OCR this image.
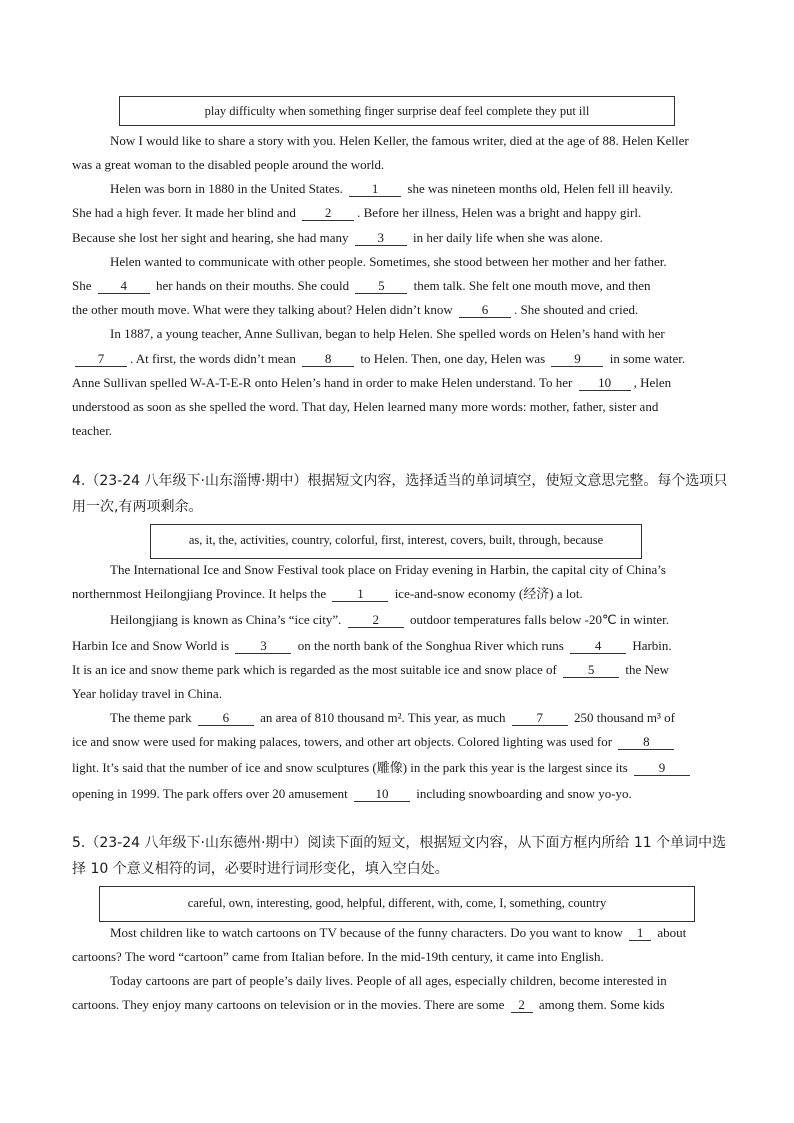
play difficulty when something finger surprise deaf feel complete they put ill
Now I would like to share a story with you. Helen Keller, the famous writer, died at the age of 88. Helen Keller
was a great woman to the disabled people around the world.
Helen was born in 1880 in the United States. 1 she was nineteen months old, Helen fell ill heavily.
She had a high fever. It made her blind and 2 . Before her illness, Helen was a bright and happy girl.
Because she lost her sight and hearing, she had many 3 in her daily life when she was alone.
Helen wanted to communicate with other people. Sometimes, she stood between her mother and her father.
She 4 her hands on their mouths. She could 5 them talk. She felt one mouth move, and then
the other mouth move. What were they talking about? Helen didn’t know 6 . She shouted and cried.
In 1887, a young teacher, Anne Sullivan, began to help Helen. She spelled words on Helen’s hand with her
7 . At first, the words didn’t mean 8 to Helen. Then, one day, Helen was 9 in some water.
Anne Sullivan spelled W-A-T-E-R onto Helen’s hand in order to make Helen understand. To her 10 , Helen
understood as soon as she spelled the word. That day, Helen learned many more words: mother, father, sister and
teacher.
4.（23-24 八年级下·山东淄博·期中）根据短文内容，选择适当的单词填空，使短文意思完整。每个选项只
用一次,有两项剩余。
as, it, the, activities, country, colorful, first, interest, covers, built, through, because
The International Ice and Snow Festival took place on Friday evening in Harbin, the capital city of China’s
northernmost Heilongjiang Province. It helps the 1 ice-and-snow economy (经济) a lot.
Heilongjiang is known as China’s “ice city”. 2 outdoor temperatures falls below -20℃ in winter.
Harbin Ice and Snow World is 3 on the north bank of the Songhua River which runs 4 Harbin.
It is an ice and snow theme park which is regarded as the most suitable ice and snow place of 5 the New
Year holiday travel in China.
The theme park 6 an area of 810 thousand m². This year, as much 7 250 thousand m³ of
ice and snow were used for making palaces, towers, and other art objects. Colored lighting was used for 8
light. It’s said that the number of ice and snow sculptures (雕像) in the park this year is the largest since its 9
opening in 1999. The park offers over 20 amusement 10 including snowboarding and snow yo-yo.
5.（23-24 八年级下·山东德州·期中）阅读下面的短文，根据短文内容，从下面方框内所给 11 个单词中选
择 10 个意义相符的词，必要时进行词形变化，填入空白处。
careful, own, interesting, good, helpful, different, with, come, I, something, country
Most children like to watch cartoons on TV because of the funny characters. Do you want to know 1 about
cartoons? The word “cartoon” came from Italian before. In the mid-19th century, it came into English.
Today cartoons are part of people’s daily lives. People of all ages, especially children, become interested in
cartoons. They enjoy many cartoons on television or in the movies. There are some 2 among them. Some kids
